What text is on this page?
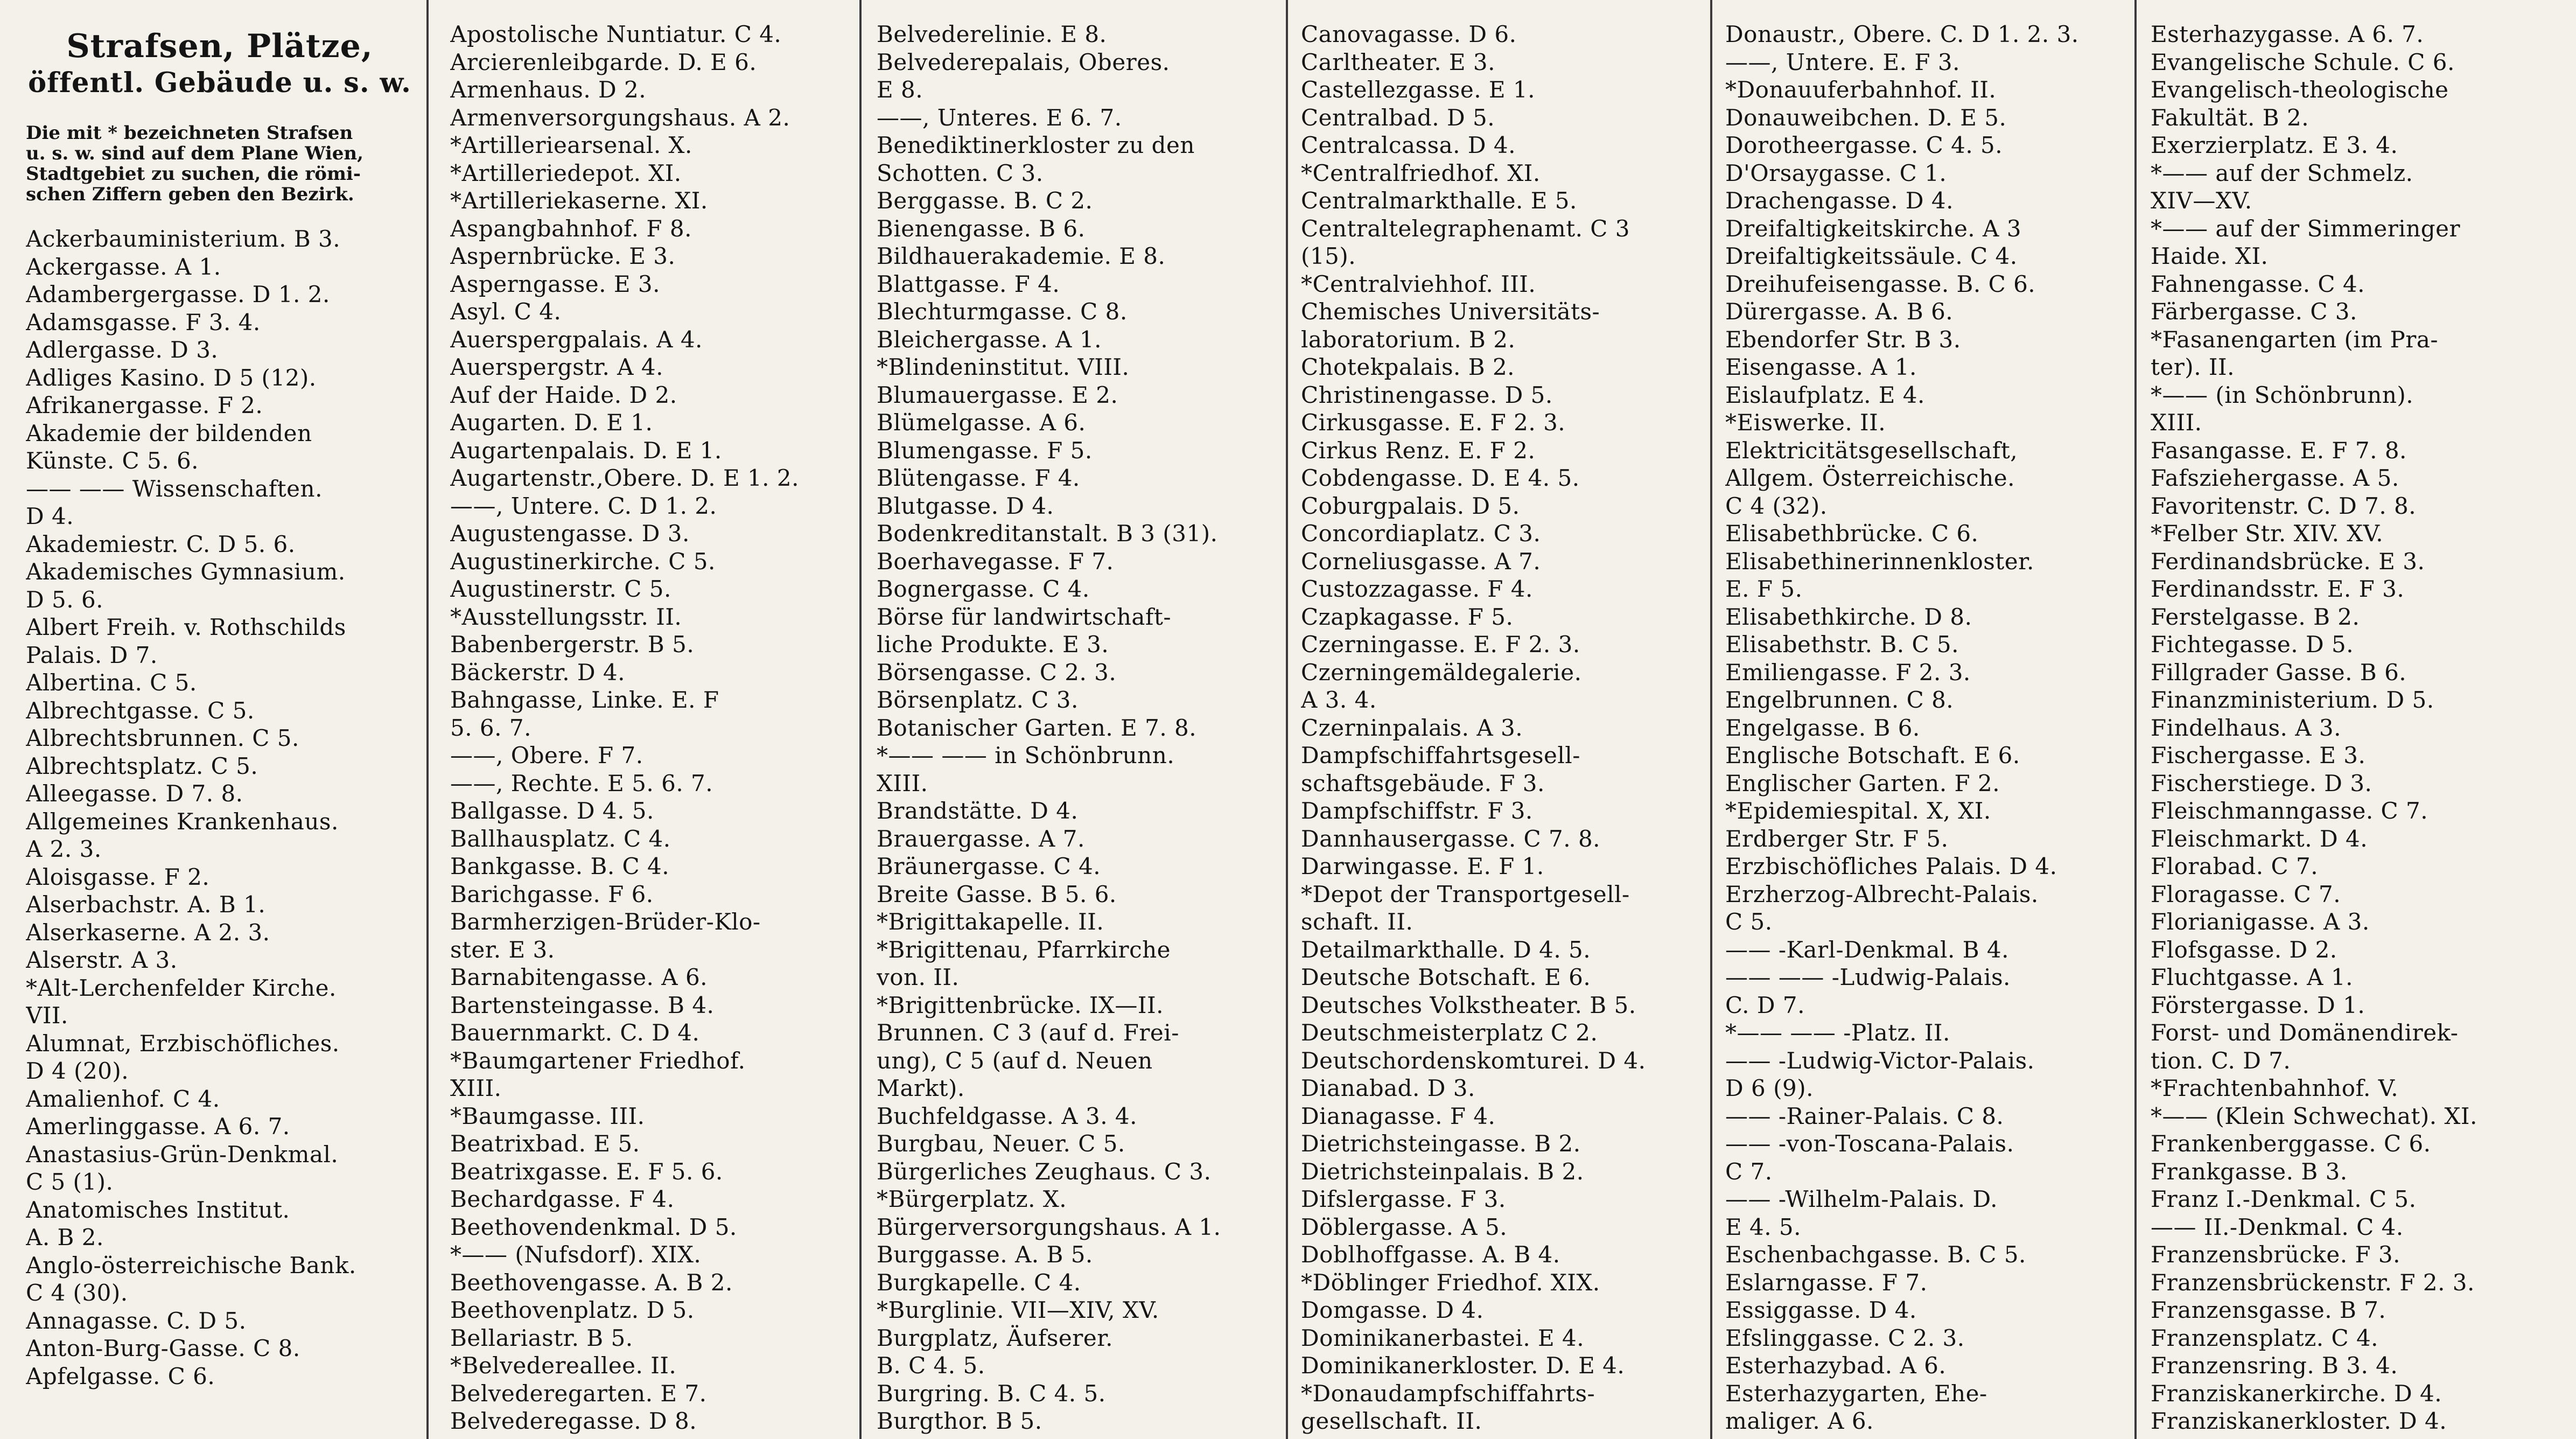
Strafsen, Plätze,
öffentl. Gebäude u. s. w.
Die mit * bezeichneten Strafsen
u. s. w. sind auf dem Plane Wien,
Stadtgebiet zu suchen, die römi-
schen Ziffern geben den Bezirk.
Ackerbauministerium. B 3.
Ackergasse. A 1.
Adambergergasse. D 1. 2.
Adamsgasse. F 3. 4.
Adlergasse. D 3.
Adliges Kasino. D 5 (12).
Afrikanergasse. F 2.
Akademie der bildenden
Künste. C 5. 6.
—— —— Wissenschaften.
D 4.
Akademiestr. C. D 5. 6.
Akademisches Gymnasium.
D 5. 6.
Albert Freih. v. Rothschilds
Palais. D 7.
Albertina. C 5.
Albrechtgasse. C 5.
Albrechtsbrunnen. C 5.
Albrechtsplatz. C 5.
Alleegasse. D 7. 8.
Allgemeines Krankenhaus.
A 2. 3.
Aloisgasse. F 2.
Alserbachstr. A. B 1.
Alserkaserne. A 2. 3.
Alserstr. A 3.
*Alt-Lerchenfelder Kirche.
VII.
Alumnat, Erzbischöfliches.
D 4 (20).
Amalienhof. C 4.
Amerlinggasse. A 6. 7.
Anastasius-Grün-Denkmal.
C 5 (1).
Anatomisches Institut.
A. B 2.
Anglo-österreichische Bank.
C 4 (30).
Annagasse. C. D 5.
Anton-Burg-Gasse. C 8.
Apfelgasse. C 6.
Apostolische Nuntiatur. C 4.
Arcierenleibgarde. D. E 6.
Armenhaus. D 2.
Armenversorgungshaus. A 2.
*Artilleriearsenal. X.
*Artilleriedepot. XI.
*Artilleriekaserne. XI.
Aspangbahnhof. F 8.
Aspernbrücke. E 3.
Asperngasse. E 3.
Asyl. C 4.
Auerspergpalais. A 4.
Auerspergstr. A 4.
Auf der Haide. D 2.
Augarten. D. E 1.
Augartenpalais. D. E 1.
Augartenstr.,Obere. D. E 1. 2.
——, Untere. C. D 1. 2.
Augustengasse. D 3.
Augustinerkirche. C 5.
Augustinerstr. C 5.
*Ausstellungsstr. II.
Babenbergerstr. B 5.
Bäckerstr. D 4.
Bahngasse, Linke. E. F
5. 6. 7.
——, Obere. F 7.
——, Rechte. E 5. 6. 7.
Ballgasse. D 4. 5.
Ballhausplatz. C 4.
Bankgasse. B. C 4.
Barichgasse. F 6.
Barmherzigen-Brüder-Klo-
ster. E 3.
Barnabitengasse. A 6.
Bartensteingasse. B 4.
Bauernmarkt. C. D 4.
*Baumgartener Friedhof.
XIII.
*Baumgasse. III.
Beatrixbad. E 5.
Beatrixgasse. E. F 5. 6.
Bechardgasse. F 4.
Beethovendenkmal. D 5.
*—— (Nufsdorf). XIX.
Beethovengasse. A. B 2.
Beethovenplatz. D 5.
Bellariastr. B 5.
*Belvedereallee. II.
Belvederegarten. E 7.
Belvederegasse. D 8.
Belvederelinie. E 8.
Belvederepalais, Oberes.
E 8.
——, Unteres. E 6. 7.
Benediktinerkloster zu den
Schotten. C 3.
Berggasse. B. C 2.
Bienengasse. B 6.
Bildhauerakademie. E 8.
Blattgasse. F 4.
Blechturmgasse. C 8.
Bleichergasse. A 1.
*Blindeninstitut. VIII.
Blumauergasse. E 2.
Blümelgasse. A 6.
Blumengasse. F 5.
Blütengasse. F 4.
Blutgasse. D 4.
Bodenkreditanstalt. B 3 (31).
Boerhavegasse. F 7.
Bognergasse. C 4.
Börse für landwirtschaft-
liche Produkte. E 3.
Börsengasse. C 2. 3.
Börsenplatz. C 3.
Botanischer Garten. E 7. 8.
*—— —— in Schönbrunn.
XIII.
Brandstätte. D 4.
Brauergasse. A 7.
Bräunergasse. C 4.
Breite Gasse. B 5. 6.
*Brigittakapelle. II.
*Brigittenau, Pfarrkirche
von. II.
*Brigittenbrücke. IX—II.
Brunnen. C 3 (auf d. Frei-
ung), C 5 (auf d. Neuen
Markt).
Buchfeldgasse. A 3. 4.
Burgbau, Neuer. C 5.
Bürgerliches Zeughaus. C 3.
*Bürgerplatz. X.
Bürgerversorgungshaus. A 1.
Burggasse. A. B 5.
Burgkapelle. C 4.
*Burglinie. VII—XIV, XV.
Burgplatz, Äufserer.
B. C 4. 5.
Burgring. B. C 4. 5.
Burgthor. B 5.
Canovagasse. D 6.
Carltheater. E 3.
Castellezgasse. E 1.
Centralbad. D 5.
Centralcassa. D 4.
*Centralfriedhof. XI.
Centralmarkthalle. E 5.
Centraltelegraphenamt. C 3
(15).
*Centralviehhof. III.
Chemisches Universitäts-
laboratorium. B 2.
Chotekpalais. B 2.
Christinengasse. D 5.
Cirkusgasse. E. F 2. 3.
Cirkus Renz. E. F 2.
Cobdengasse. D. E 4. 5.
Coburgpalais. D 5.
Concordiaplatz. C 3.
Corneliusgasse. A 7.
Custozzagasse. F 4.
Czapkagasse. F 5.
Czerningasse. E. F 2. 3.
Czerningemäldegalerie.
A 3. 4.
Czerninpalais. A 3.
Dampfschiffahrtsgesell-
schaftsgebäude. F 3.
Dampfschiffstr. F 3.
Dannhausergasse. C 7. 8.
Darwingasse. E. F 1.
*Depot der Transportgesell-
schaft. II.
Detailmarkthalle. D 4. 5.
Deutsche Botschaft. E 6.
Deutsches Volkstheater. B 5.
Deutschmeisterplatz C 2.
Deutschordenskomturei. D 4.
Dianabad. D 3.
Dianagasse. F 4.
Dietrichsteingasse. B 2.
Dietrichsteinpalais. B 2.
Difslergasse. F 3.
Döblergasse. A 5.
Doblhoffgasse. A. B 4.
*Döblinger Friedhof. XIX.
Domgasse. D 4.
Dominikanerbastei. E 4.
Dominikanerkloster. D. E 4.
*Donaudampfschiffahrts-
gesellschaft. II.
Donaustr., Obere. C. D 1. 2. 3.
——, Untere. E. F 3.
*Donauuferbahnhof. II.
Donauweibchen. D. E 5.
Dorotheergasse. C 4. 5.
D'Orsaygasse. C 1.
Drachengasse. D 4.
Dreifaltigkeitskirche. A 3
Dreifaltigkeitssäule. C 4.
Dreihufeisengasse. B. C 6.
Dürergasse. A. B 6.
Ebendorfer Str. B 3.
Eisengasse. A 1.
Eislaufplatz. E 4.
*Eiswerke. II.
Elektricitätsgesellschaft,
Allgem. Österreichische.
C 4 (32).
Elisabethbrücke. C 6.
Elisabethinerinnenkloster.
E. F 5.
Elisabethkirche. D 8.
Elisabethstr. B. C 5.
Emiliengasse. F 2. 3.
Engelbrunnen. C 8.
Engelgasse. B 6.
Englische Botschaft. E 6.
Englischer Garten. F 2.
*Epidemiespital. X, XI.
Erdberger Str. F 5.
Erzbischöfliches Palais. D 4.
Erzherzog-Albrecht-Palais.
C 5.
—— -Karl-Denkmal. B 4.
—— —— -Ludwig-Palais.
C. D 7.
*—— —— -Platz. II.
—— -Ludwig-Victor-Palais.
D 6 (9).
—— -Rainer-Palais. C 8.
—— -von-Toscana-Palais.
C 7.
—— -Wilhelm-Palais. D.
E 4. 5.
Eschenbachgasse. B. C 5.
Eslarngasse. F 7.
Essiggasse. D 4.
Efslinggasse. C 2. 3.
Esterhazybad. A 6.
Esterhazygarten, Ehe-
maliger. A 6.
Esterhazygasse. A 6. 7.
Evangelische Schule. C 6.
Evangelisch-theologische
Fakultät. B 2.
Exerzierplatz. E 3. 4.
*—— auf der Schmelz.
XIV—XV.
*—— auf der Simmeringer
Haide. XI.
Fahnengasse. C 4.
Färbergasse. C 3.
*Fasanengarten (im Pra-
ter). II.
*—— (in Schönbrunn).
XIII.
Fasangasse. E. F 7. 8.
Fafsziehergasse. A 5.
Favoritenstr. C. D 7. 8.
*Felber Str. XIV. XV.
Ferdinandsbrücke. E 3.
Ferdinandsstr. E. F 3.
Ferstelgasse. B 2.
Fichtegasse. D 5.
Fillgrader Gasse. B 6.
Finanzministerium. D 5.
Findelhaus. A 3.
Fischergasse. E 3.
Fischerstiege. D 3.
Fleischmanngasse. C 7.
Fleischmarkt. D 4.
Florabad. C 7.
Floragasse. C 7.
Florianigasse. A 3.
Flofsgasse. D 2.
Fluchtgasse. A 1.
Förstergasse. D 1.
Forst- und Domänendirek-
tion. C. D 7.
*Frachtenbahnhof. V.
*—— (Klein Schwechat). XI.
Frankenberggasse. C 6.
Frankgasse. B 3.
Franz I.-Denkmal. C 5.
—— II.-Denkmal. C 4.
Franzensbrücke. F 3.
Franzensbrückenstr. F 2. 3.
Franzensgasse. B 7.
Franzensplatz. C 4.
Franzensring. B 3. 4.
Franziskanerkirche. D 4.
Franziskanerkloster. D 4.
